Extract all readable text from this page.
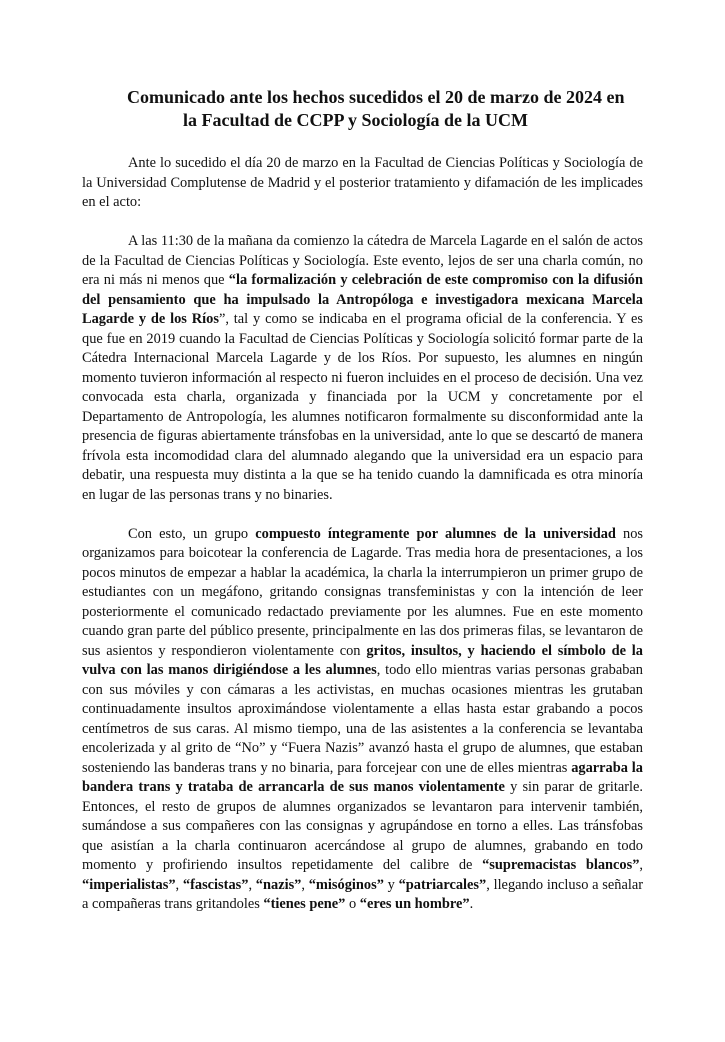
Comunicado ante los hechos sucedidos el 20 de marzo de 2024 en
la Facultad de CCPP y Sociología de la UCM

Ante lo sucedido el día 20 de marzo en la Facultad de Ciencias Políticas y Sociología de la Universidad Complutense de Madrid y el posterior tratamiento y difamación de les implicades en el acto:

A las 11:30 de la mañana da comienzo la cátedra de Marcela Lagarde en el salón de actos de la Facultad de Ciencias Políticas y Sociología. Este evento, lejos de ser una charla común, no era ni más ni menos que “la formalización y celebración de este compromiso con la difusión del pensamiento que ha impulsado la Antropóloga e investigadora mexicana Marcela Lagarde y de los Ríos”, tal y como se indicaba en el programa oficial de la conferencia. Y es que fue en 2019 cuando la Facultad de Ciencias Políticas y Sociología solicitó formar parte de la Cátedra Internacional Marcela Lagarde y de los Ríos. Por supuesto, les alumnes en ningún momento tuvieron información al respecto ni fueron incluides en el proceso de decisión. Una vez convocada esta charla, organizada y financiada por la UCM y concretamente por el Departamento de Antropología, les alumnes notificaron formalmente su disconformidad ante la presencia de figuras abiertamente tránsfobas en la universidad, ante lo que se descartó de manera frívola esta incomodidad clara del alumnado alegando que la universidad era un espacio para debatir, una respuesta muy distinta a la que se ha tenido cuando la damnificada es otra minoría en lugar de las personas trans y no binaries.

Con esto, un grupo compuesto íntegramente por alumnes de la universidad nos organizamos para boicotear la conferencia de Lagarde. Tras media hora de presentaciones, a los pocos minutos de empezar a hablar la académica, la charla la interrumpieron un primer grupo de estudiantes con un megáfono, gritando consignas transfeministas y con la intención de leer posteriormente el comunicado redactado previamente por les alumnes. Fue en este momento cuando gran parte del público presente, principalmente en las dos primeras filas, se levantaron de sus asientos y respondieron violentamente con gritos, insultos, y haciendo el símbolo de la vulva con las manos dirigiéndose a les alumnes, todo ello mientras varias personas grababan con sus móviles y con cámaras a les activistas, en muchas ocasiones mientras les grutaban continuadamente insultos aproximándose violentamente a ellas hasta estar grabando a pocos centímetros de sus caras. Al mismo tiempo, una de las asistentes a la conferencia se levantaba encolerizada y al grito de “No” y “Fuera Nazis” avanzó hasta el grupo de alumnes, que estaban sosteniendo las banderas trans y no binaria, para forcejear con une de elles mientras agarraba la bandera trans y trataba de arrancarla de sus manos violentamente y sin parar de gritarle. Entonces, el resto de grupos de alumnes organizados se levantaron para intervenir también, sumándose a sus compañeres con las consignas y agrupándose en torno a elles. Las tránsfobas que asistían a la charla continuaron acercándose al grupo de alumnes, grabando en todo momento y profiriendo insultos repetidamente del calibre de “supremacistas blancos”, “imperialistas”, “fascistas”, “nazis”, “misóginos” y “patriarcales”, llegando incluso a señalar a compañeras trans gritandoles “tienes pene” o “eres un hombre”.
